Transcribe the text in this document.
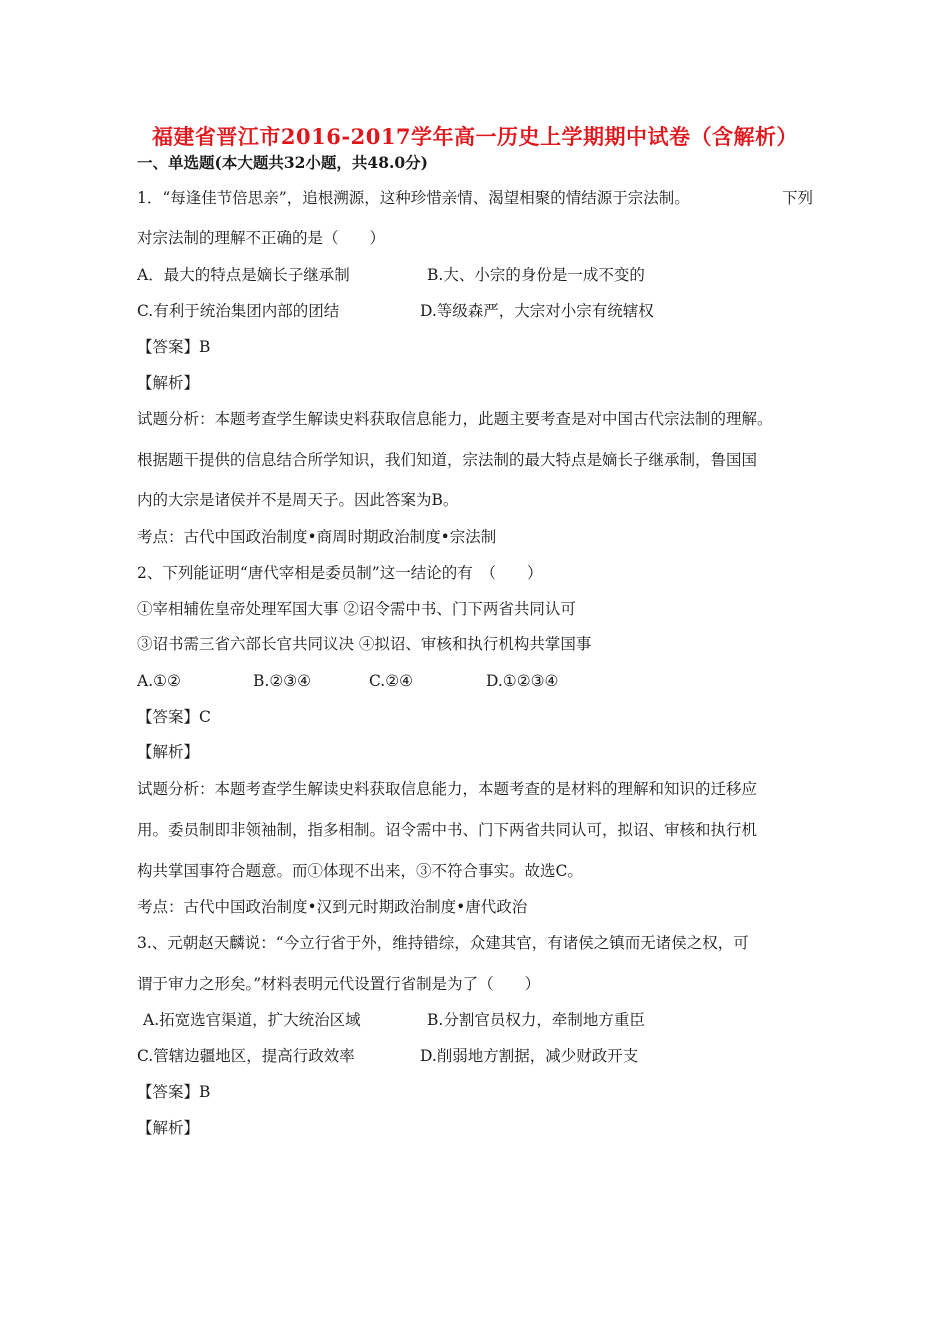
福建省晋江市2016-2017学年高一历史上学期期中试卷（含解析）
一、单选题(本大题共32小题，共48.0分)
1．“每逢佳节倍思亲”，追根溯源，这种珍惜亲情、渴望相聚的情结源于宗法制。	下列
对宗法制的理解不正确的是（　　）
A．最大的特点是嫡长子继承制	B.大、小宗的身份是一成不变的
C.有利于统治集团内部的团结	D.等级森严，大宗对小宗有统辖权
【答案】B
【解析】
试题分析：本题考查学生解读史料获取信息能力，此题主要考查是对中国古代宗法制的理解。
根据题干提供的信息结合所学知识，我们知道，宗法制的最大特点是嫡长子继承制，鲁国国
内的大宗是诸侯并不是周天子。因此答案为B。
考点：古代中国政治制度•商周时期政治制度•宗法制
2、下列能证明“唐代宰相是委员制”这一结论的有　（　　）
①宰相辅佐皇帝处理军国大事 ②诏令需中书、门下两省共同认可
③诏书需三省六部长官共同议决 ④拟诏、审核和执行机构共掌国事
A.①②	B.②③④	C.②④	D.①②③④
【答案】C
【解析】
试题分析：本题考查学生解读史料获取信息能力，本题考查的是材料的理解和知识的迁移应
用。委员制即非领袖制，指多相制。诏令需中书、门下两省共同认可，拟诏、审核和执行机
构共掌国事符合题意。而①体现不出来，③不符合事实。故选C。
考点：古代中国政治制度•汉到元时期政治制度•唐代政治
3.、元朝赵天麟说：“今立行省于外，维持错综，众建其官，有诸侯之镇而无诸侯之权，可
谓于审力之形矣。”材料表明元代设置行省制是为了（　　）
A.拓宽选官渠道，扩大统治区域	B.分割官员权力，牵制地方重臣
C.管辖边疆地区，提高行政效率	D.削弱地方割据，减少财政开支
【答案】B
【解析】
